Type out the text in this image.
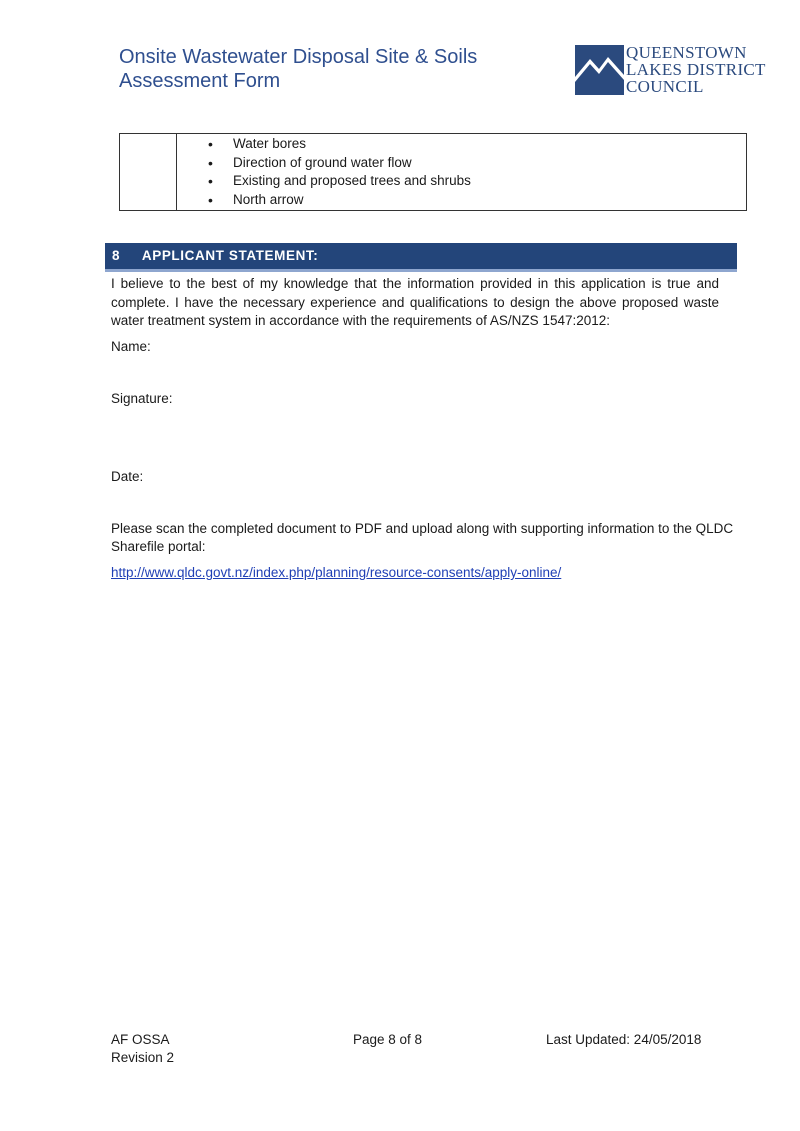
Onsite Wastewater Disposal Site & Soils
Assessment Form
QUEENSTOWN
LAKES DISTRICT
COUNCIL
• Water bores
• Direction of ground water flow
• Existing and proposed trees and shrubs
• North arrow
8 APPLICANT STATEMENT:
I believe to the best of my knowledge that the information provided in this application is true and complete. I have the necessary experience and qualifications to design the above proposed waste water treatment system in accordance with the requirements of AS/NZS 1547:2012:
Name:
Signature:
Date:
Please scan the completed document to PDF and upload along with supporting information to the QLDC
Sharefile portal:
http://www.qldc.govt.nz/index.php/planning/resource-consents/apply-online/
AF OSSA
Revision 2
Page 8 of 8	Last Updated: 24/05/2018
